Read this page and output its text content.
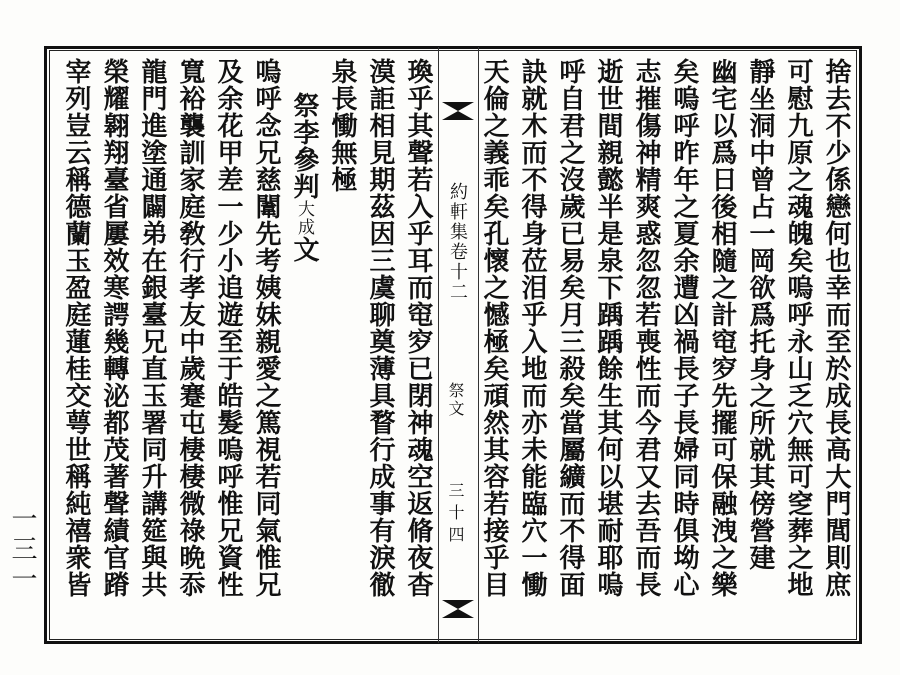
一三一	捨去不少係戀何也幸而至於成長高大門閭則庶
可慰九原之魂魄矣嗚呼永山乏穴無可窆葬之地
靜坐洞中曾占一岡欲爲托身之所就其傍營建
幽宅以爲日後相隨之計窀穸先擺可保融洩之樂
矣嗚呼昨年之夏余遭凶禍長子長婦同時俱坳心
志摧傷神精爽惑忽忽若喪性而今君又去吾而長
逝世間親懿半是泉下踽踽餘生其何以堪耐耶嗚
呼自君之沒歲已易矣月三殺矣當屬纊而不得面
訣就木而不得身莅泪乎入地而亦未能臨穴一慟
天倫之義乖矣孔懷之憾極矣頑然其容若接乎目
約軒集卷十二
祭文
三十四
瑍乎其聲若入乎耳而窀穸已閉神魂空返脩夜杳
漠詎相見期茲因三虞聊奠薄具瞀行成事有淚徹
泉長慟無極
祭李參判大成文
嗚呼念兄慈闈先考姨妹親愛之篤視若同氣惟兄
及余花甲差一少小追遊至于皓髮嗚呼惟兄資性
寬裕襲訓家庭敎行孝友中歲蹇屯棲棲微祿晩忝
龍門進塗通闢弟在銀臺兄直玉署同升講筵與共
榮耀翱翔臺省屢效寒諤幾轉泌都茂著聲績官蹐
宰列豈云稱德蘭玉盈庭蓮桂交萼世稱純禧衆皆
